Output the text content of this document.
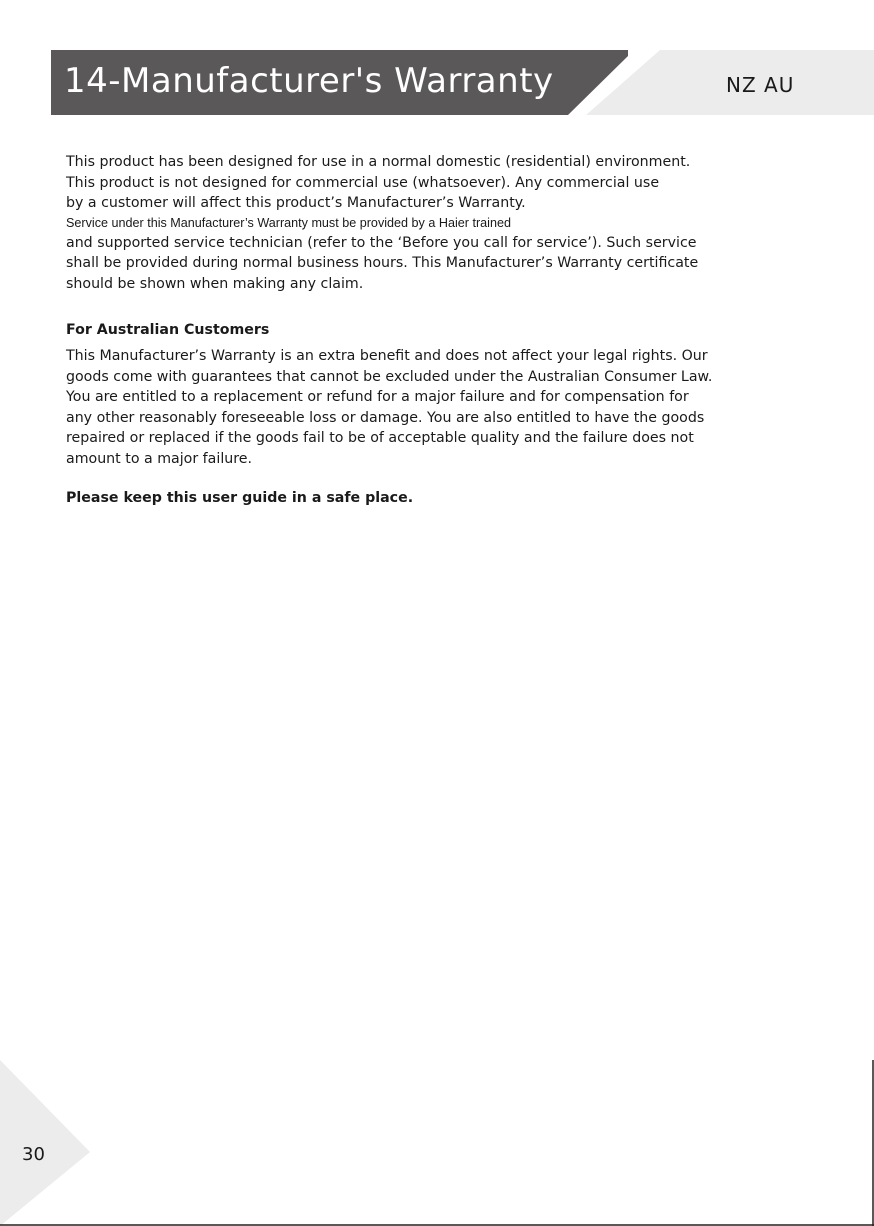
14-Manufacturer's Warranty	NZ AU
This product has been designed for use in a normal domestic (residential) environment.
This product is not designed for commercial use (whatsoever). Any commercial use
by a customer will affect this product’s Manufacturer’s Warranty.
Service under this Manufacturer’s Warranty must be provided by a Haier trained
and supported service technician (refer to the ‘Before you call for service’). Such service
shall be provided during normal business hours. This Manufacturer’s Warranty certificate
should be shown when making any claim.
For Australian Customers
This Manufacturer’s Warranty is an extra benefit and does not affect your legal rights. Our
goods come with guarantees that cannot be excluded under the Australian Consumer Law.
You are entitled to a replacement or refund for a major failure and for compensation for
any other reasonably foreseeable loss or damage. You are also entitled to have the goods
repaired or replaced if the goods fail to be of acceptable quality and the failure does not
amount to a major failure.
Please keep this user guide in a safe place.
30
